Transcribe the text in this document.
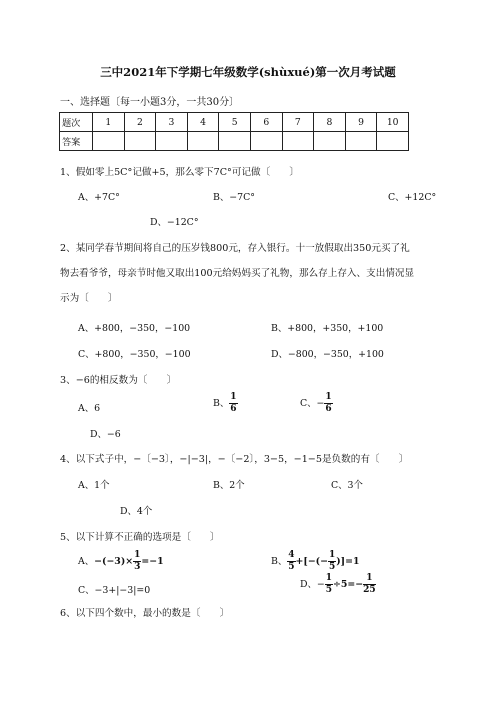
三中2021年下学期七年级数学(shùxué)第一次月考试题
一、选择题〔每一小题3分，一共30分〕
题次	1	2	3	4	5	6	7	8	9	10
答案										
1、假如零上5C°记做+5，那么零下7C°可记做〔　　〕
A、+7C°	B、−7C°	C、+12C°
D、−12C°
2、某同学春节期间将自己的压岁钱800元，存入银行。十一放假取出350元买了礼
物去看爷爷，母亲节时他又取出100元给妈妈买了礼物，那么存上存入、支出情况显
示为〔　　〕
A、+800，−350，−100	B、+800，+350，+100
C、+800，−350，−100	D、−800，−350，+100
3、−6的相反数为〔　　〕
A、6	B、 $\frac{1}{6}$	C、− $\frac{1}{6}$
D、−6
4、以下式子中，−〔−3〕，−|−3|，−〔−2〕，3−5，−1−5是负数的有〔　　〕
A、1个	B、2个	C、3个
D、4个
5、以下计算不正确的选项是〔　　〕
A、$-(-3)\times \frac{1}{3} =-1$	B、 $\frac{4}{5}$ +[−(− $\frac{1}{5} )]=1$
C、−3+|−3|=0
D、− $\frac{1}{5} \div 5=- \frac{1}{25}$
6、以下四个数中，最小的数是〔　　〕
